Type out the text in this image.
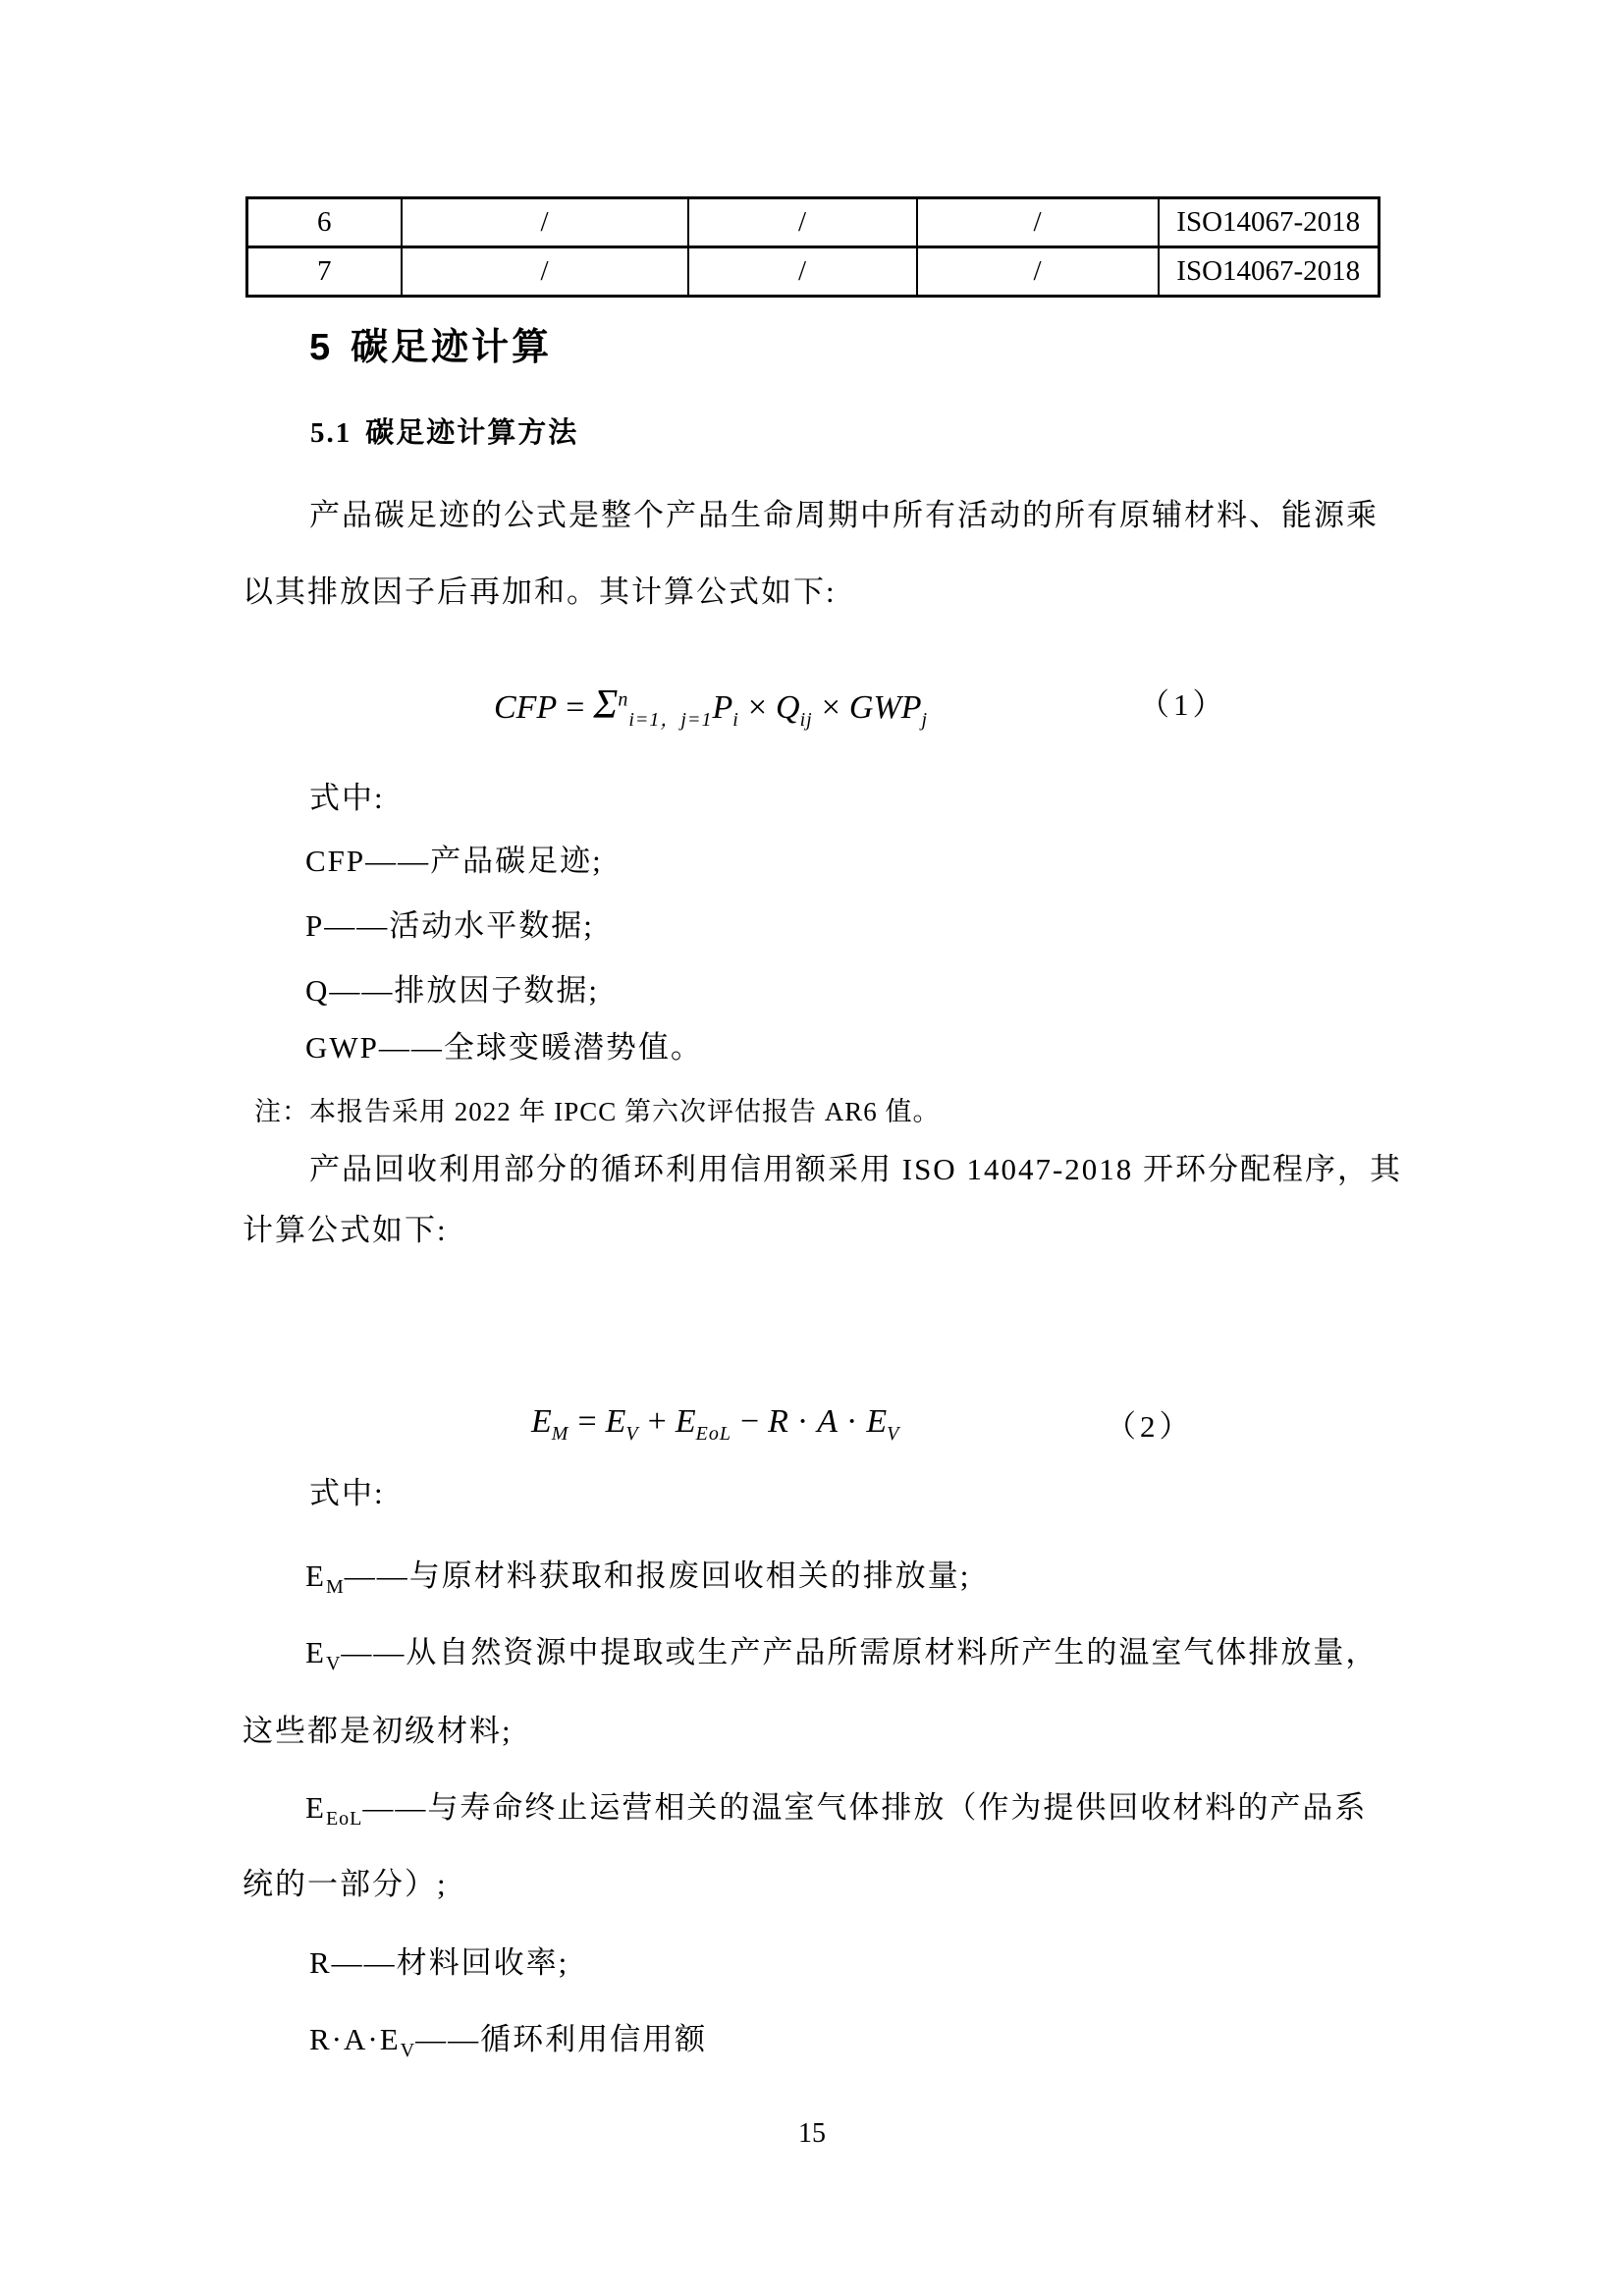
6	/	/	/	ISO14067-2018
7	/	/	/	ISO14067-2018
5 碳足迹计算
5.1 碳足迹计算方法
产品碳足迹的公式是整个产品生命周期中所有活动的所有原辅材料、能源乘
以其排放因子后再加和。其计算公式如下:
CFP = $\Sigma^n_{i=1,j=1}P_i \times Q_{ij} \times GWP_j$	（1）
式中:
CFP——产品碳足迹;
P——活动水平数据;
Q——排放因子数据;
GWP——全球变暖潜势值。
注：本报告采用 2022 年 IPCC 第六次评估报告 AR6 值。
产品回收利用部分的循环利用信用额采用 ISO 14047-2018 开环分配程序，其
计算公式如下:
$E_M = E_V + E_{EoL} - R \cdot A \cdot E_V$	（2）
式中:
$E_M——$与原材料获取和报废回收相关的排放量;
$E_V——$从自然资源中提取或生产产品所需原材料所产生的温室气体排放量，
这些都是初级材料;
$E_{EoL}——$与寿命终止运营相关的温室气体排放（作为提供回收材料的产品系
统的一部分）;
R——材料回收率;
$R\cdot A\cdot E_V——$循环利用信用额
15
